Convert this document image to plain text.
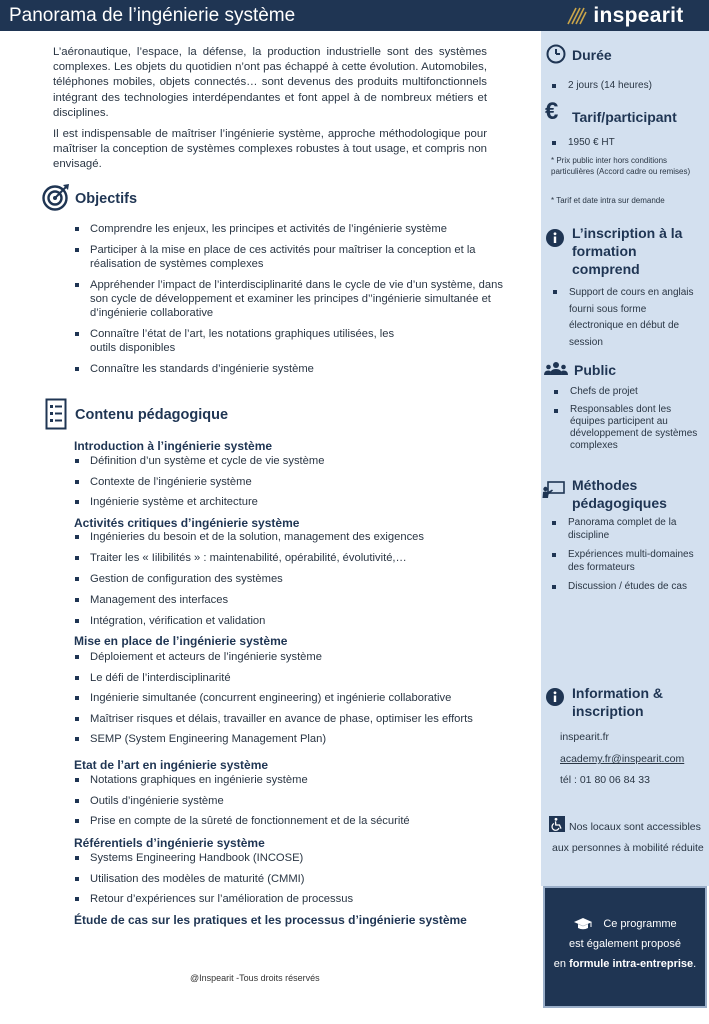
Panorama de l’ingénierie système	inspearit

L’aéronautique, l’espace, la défense, la production industrielle sont des systèmes complexes. Les objets du quotidien n’ont pas échappé à cette évolution. Automobiles, téléphones mobiles, objets connectés… sont devenus des produits multifonctionnels intégrant des technologies interdépendantes et font appel à de nombreux métiers et disciplines.

Il est indispensable de maîtriser l’ingénierie système, approche méthodologique pour maîtriser la conception de systèmes complexes robustes à tout usage, et compris non envisagé.

Objectifs
Comprendre les enjeux, les principes et activités de l’ingénierie système
Participer à la mise en place de ces activités pour maîtriser la conception et la réalisation de systèmes complexes
Appréhender l’impact de l’interdisciplinarité dans le cycle de vie d’un système, dans son cycle de développement et examiner les principes d’’ingénierie simultanée et d’ingénierie collaborative
Connaître l’état de l’art, les notations graphiques utilisées, les outils disponibles
Connaître les standards d’ingénierie système
Contenu pédagogique
Introduction à l’ingénierie système
Définition d’un système et cycle de vie système
Contexte de l’ingénierie système
Ingénierie système et architecture
Activités critiques d’ingénierie système
Ingénieries du besoin et de la solution, management des exigences
Traiter les « Iilibilités » : maintenabilité, opérabilité, évolutivité,…
Gestion de configuration des systèmes
Management des interfaces
Intégration, vérification et validation
Mise en place de l’ingénierie système
Déploiement et acteurs de l’ingénierie système
Le défi de l’interdisciplinarité
Ingénierie simultanée (concurrent engineering) et ingénierie collaborative
Maîtriser risques et délais, travailler en avance de phase, optimiser les efforts
SEMP (System Engineering Management Plan)
Etat de l’art en ingénierie système
Notations graphiques en ingénierie système
Outils d’ingénierie système
Prise en compte de la sûreté de fonctionnement et de la sécurité
Référentiels d’ingénierie système
Systems Engineering Handbook (INCOSE)
Utilisation des modèles de maturité (CMMI)
Retour d’expériences sur l’amélioration de processus
Étude de cas sur les pratiques et les processus d’ingénierie système
@Inspearit -Tous droits réservés
Durée
2 jours (14 heures)
€ Tarif/participant
1950 € HT
* Prix public inter hors conditions particulières (Accord cadre ou remises)
* Tarif et date intra sur demande
L’inscription à la formation comprend
Support de cours en anglais fourni sous forme électronique en début de session
Public
Chefs de projet
Responsables dont les équipes participent au développement de systèmes complexes
Méthodes pédagogiques
Panorama complet de la discipline
Expériences multi-domaines des formateurs
Discussion / études de cas
Information & inscription
inspearit.fr
academy.fr@inspearit.com
tél : 01 80 06 84 33
Nos locaux sont accessibles aux personnes à mobilité réduite
Ce programme
est également proposé
en formule intra-entreprise.
